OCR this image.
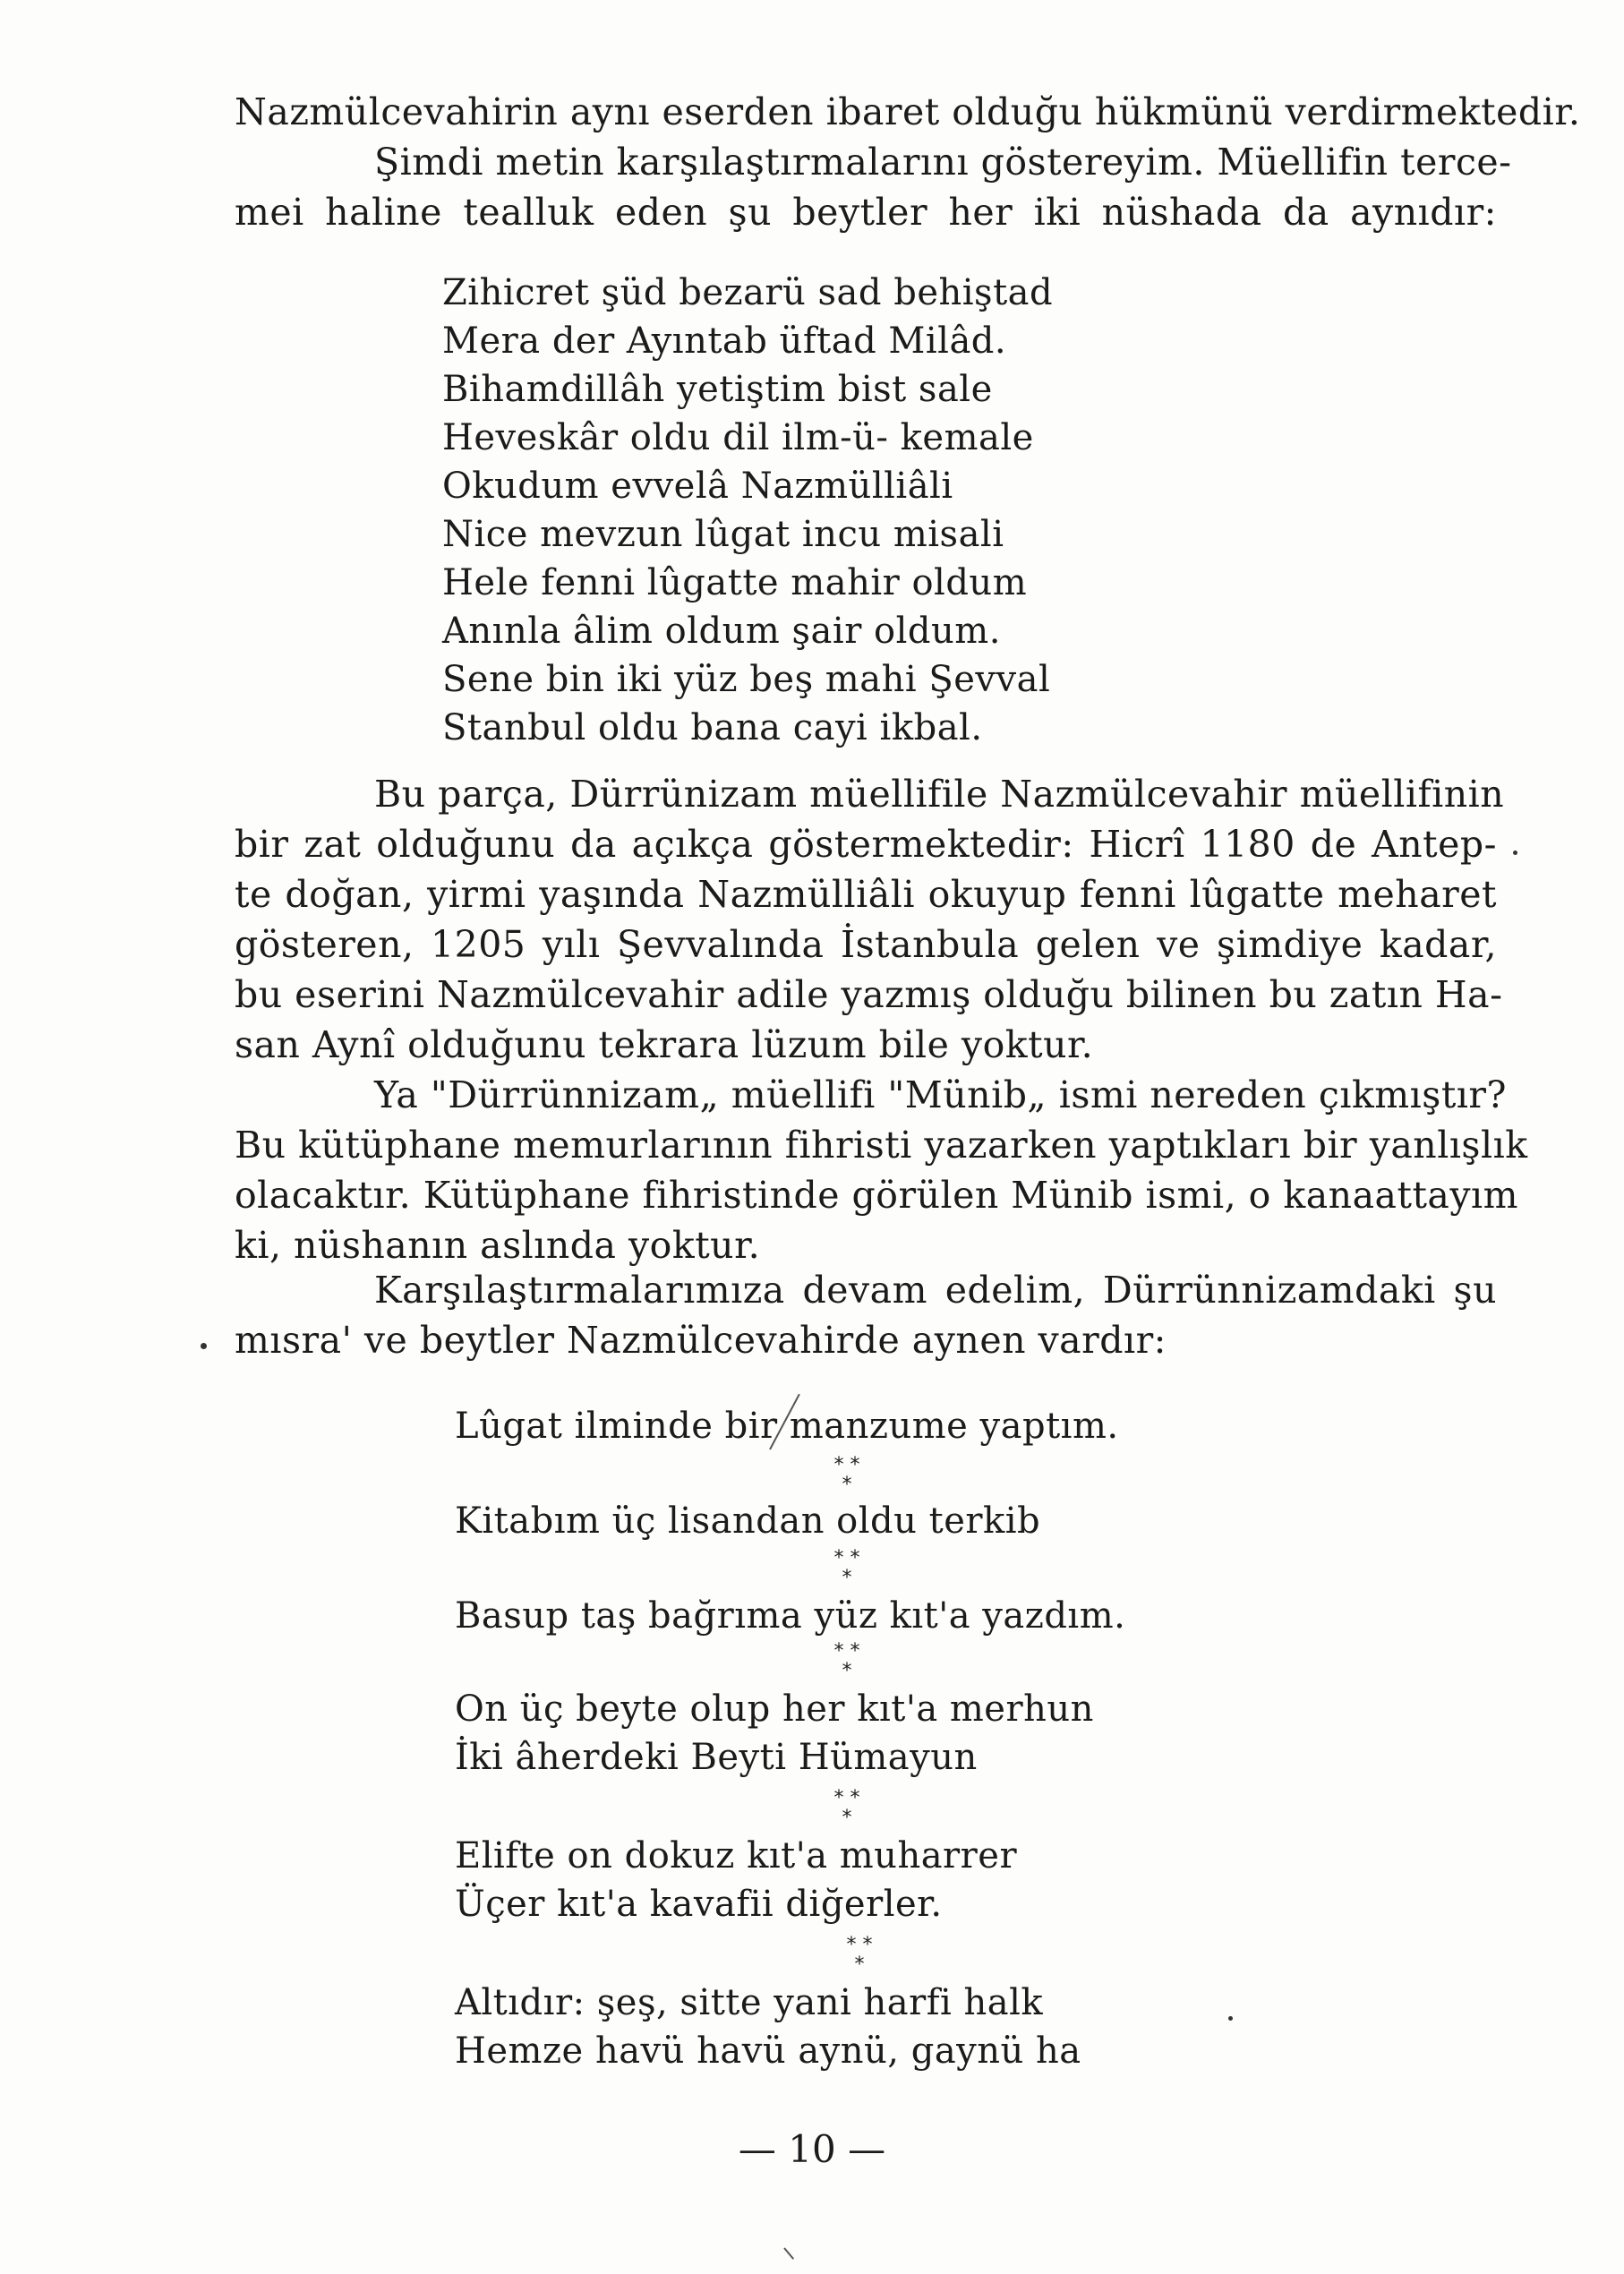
Nazmülcevahirin aynı eserden ibaret olduğu hükmünü verdirmektedir.
Şimdi metin karşılaştırmalarını göstereyim. Müellifin terce-
mei haline tealluk eden şu beytler her iki nüshada da aynıdır:
Zihicret şüd bezarü sad behiştad
Mera der Ayıntab üftad Milâd.
Bihamdillâh yetiştim bist sale
Heveskâr oldu dil ilm-ü- kemale
Okudum evvelâ Nazmülliâli
Nice mevzun lûgat incu misali
Hele fenni lûgatte mahir oldum
Anınla âlim oldum şair oldum.
Sene bin iki yüz beş mahi Şevval
Stanbul oldu bana cayi ikbal.
Bu parça, Dürrünizam müellifile Nazmülcevahir müellifinin
bir zat olduğunu da açıkça göstermektedir: Hicrî 1180 de Antep-
te doğan, yirmi yaşında Nazmülliâli okuyup fenni lûgatte meharet
gösteren, 1205 yılı Şevvalında İstanbula gelen ve şimdiye kadar,
bu eserini Nazmülcevahir adile yazmış olduğu bilinen bu zatın Ha-
san Aynî olduğunu tekrara lüzum bile yoktur.
Ya "Dürrünnizam„ müellifi "Münib„ ismi nereden çıkmıştır?
Bu kütüphane memurlarının fihristi yazarken yaptıkları bir yanlışlık
olacaktır. Kütüphane fihristinde görülen Münib ismi, o kanaattayım
ki, nüshanın aslında yoktur.
Karşılaştırmalarımıza devam edelim, Dürrünnizamdaki şu
mısra' ve beytler Nazmülcevahirde aynen vardır:
Lûgat ilminde bir manzume yaptım.
* *
*
Kitabım üç lisandan oldu terkib
* *
*
Basup taş bağrıma yüz kıt'a yazdım.
* *
*
On üç beyte olup her kıt'a merhun
İki âherdeki Beyti Hümayun
* *
*
Elifte on dokuz kıt'a muharrer
Üçer kıt'a kavafii diğerler.
* *
*
Altıdır: şeş, sitte yani harfi halk
Hemze havü havü aynü, gaynü ha
— 10 —
